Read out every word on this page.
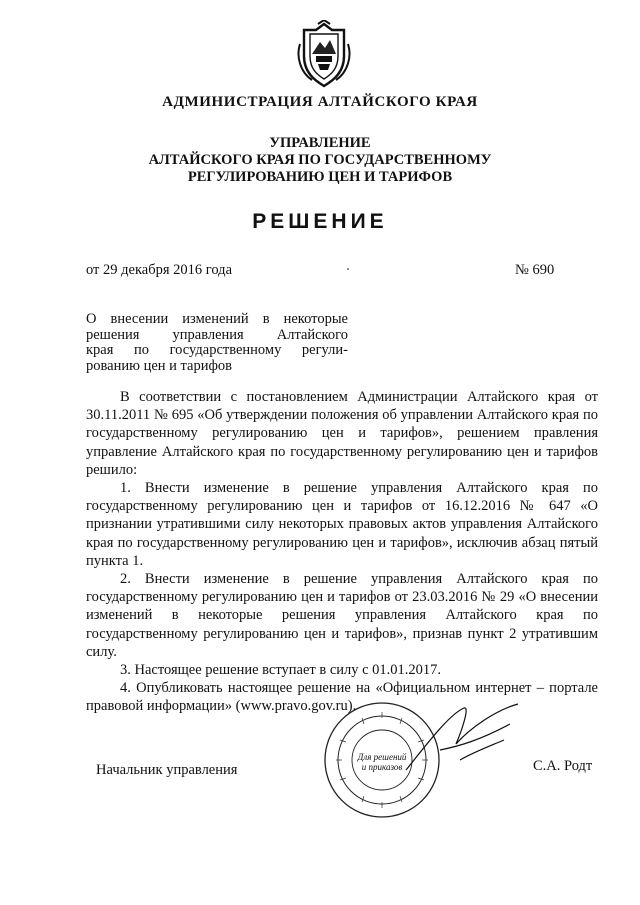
АДМИНИСТРАЦИЯ АЛТАЙСКОГО КРАЯ
УПРАВЛЕНИЕ
АЛТАЙСКОГО КРАЯ ПО ГОСУДАРСТВЕННОМУ
РЕГУЛИРОВАНИЮ ЦЕН И ТАРИФОВ
РЕШЕНИЕ
от 29 декабря 2016 года	№ 690
О внесении изменений в некоторые
решения управления Алтайского
края по государственному регули-
рованию цен и тарифов

В соответствии с постановлением Администрации Алтайского края от 30.11.2011 № 695 «Об утверждении положения об управлении Алтайского края по государственному регулированию цен и тарифов», решением правления управление Алтайского края по государственному регулированию цен и тарифов решило:

1. Внести изменение в решение управления Алтайского края по государственному регулированию цен и тарифов от 16.12.2016 № 647 «О признании утратившими силу некоторых правовых актов управления Алтайского края по государственному регулированию цен и тарифов», исключив абзац пятый пункта 1.

2. Внести изменение в решение управления Алтайского края по государственному регулированию цен и тарифов от 23.03.2016 № 29 «О внесении изменений в некоторые решения управления Алтайского края по государственному регулированию цен и тарифов», признав пункт 2 утратившим силу.

3. Настоящее решение вступает в силу с 01.01.2017.

4. Опубликовать настоящее решение на «Официальном интернет – портале правовой информации» (www.pravo.gov.ru).

Начальник управления
Для решений
и приказов	С.А. Родт
